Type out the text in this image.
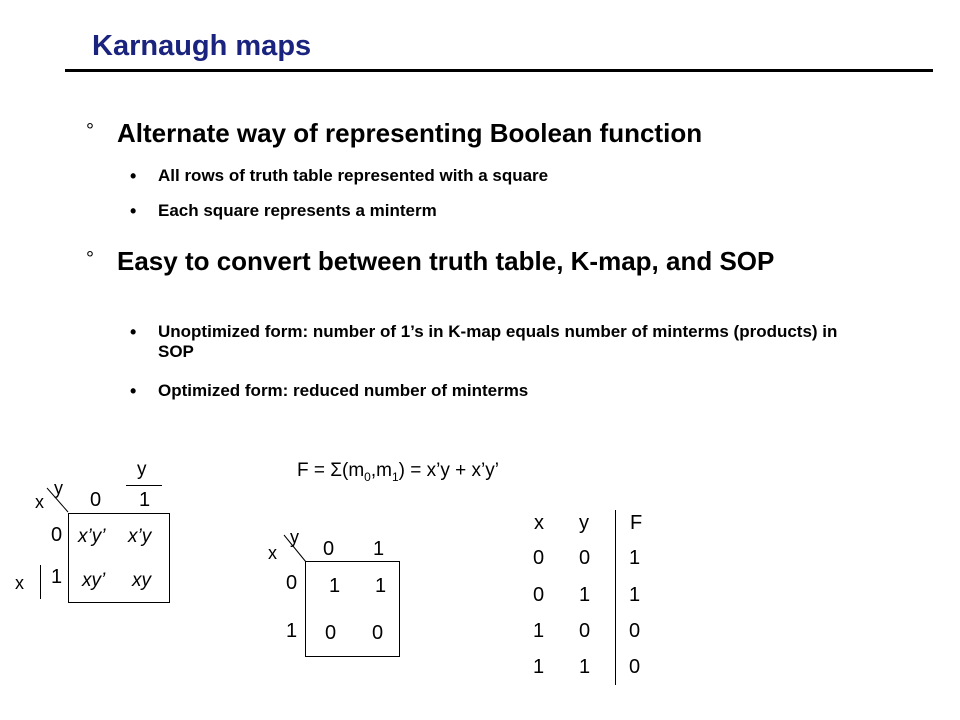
Karnaugh maps
° Alternate way of representing Boolean function
• All rows of truth table represented with a square
• Each square represents a minterm
° Easy to convert between truth table, K-map, and SOP
• Unoptimized form: number of 1’s in K-map equals number of minterms (products) in SOP
• Optimized form: reduced number of minterms
y
y
x 0 1
0
1
x
x’y’ x’y
xy’ xy
$F = \Sigma(m_0,m_1)$ = x’y + x’y’
y
x 0 1
0
1
1 1
0 0
x y F
0 0 1
0 1 1
1 0 0
1 1 0
